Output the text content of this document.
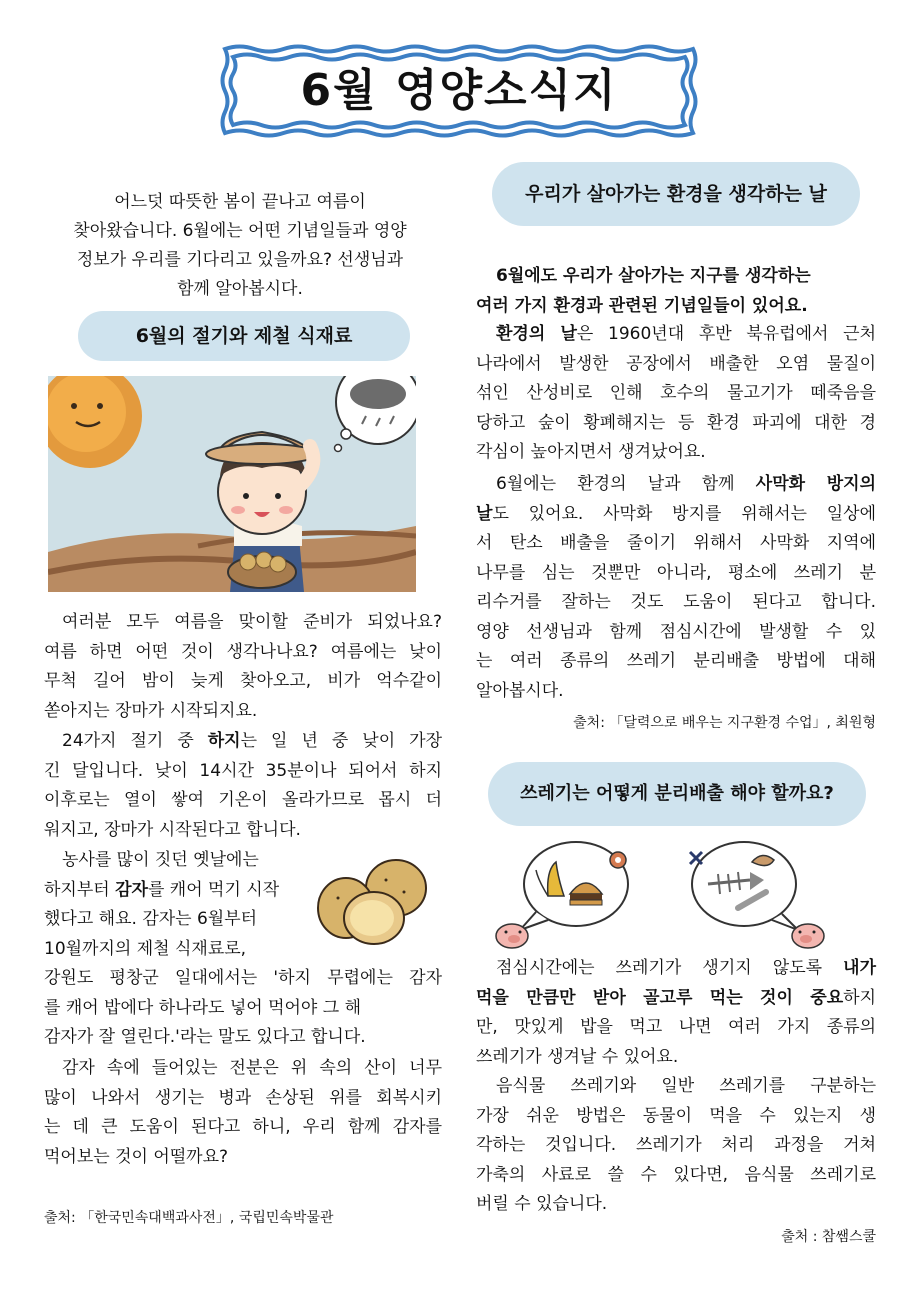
6월 영양소식지
어느덧 따뜻한 봄이 끝나고 여름이
찾아왔습니다. 6월에는 어떤 기념일들과 영양
정보가 우리를 기다리고 있을까요? 선생님과
함께 알아봅시다.
6월의 절기와 제철 식재료
여러분 모두 여름을 맞이할 준비가 되었나요?
여름 하면 어떤 것이 생각나나요? 여름에는 낮이
무척 길어 밤이 늦게 찾아오고, 비가 억수같이
쏟아지는 장마가 시작되지요.
24가지 절기 중 하지는 일 년 중 낮이 가장
긴 달입니다. 낮이 14시간 35분이나 되어서 하지
이후로는 열이 쌓여 기온이 올라가므로 몹시 더
워지고, 장마가 시작된다고 합니다.
농사를 많이 짓던 옛날에는
하지부터 감자를 캐어 먹기 시작
했다고 해요. 감자는 6월부터
10월까지의 제철 식재료로,
강원도 평창군 일대에서는 '하지 무렵에는 감자
를 캐어 밥에다 하나라도 넣어 먹어야 그 해
감자가 잘 열린다.'라는 말도 있다고 합니다.
감자 속에 들어있는 전분은 위 속의 산이 너무
많이 나와서 생기는 병과 손상된 위를 회복시키
는 데 큰 도움이 된다고 하니, 우리 함께 감자를
먹어보는 것이 어떨까요?
출처: 「한국민속대백과사전」, 국립민속박물관
우리가 살아가는 환경을 생각하는 날
6월에도 우리가 살아가는 지구를 생각하는
여러 가지 환경과 관련된 기념일들이 있어요.
환경의 날은 1960년대 후반 북유럽에서 근처
나라에서 발생한 공장에서 배출한 오염 물질이
섞인 산성비로 인해 호수의 물고기가 떼죽음을
당하고 숲이 황폐해지는 등 환경 파괴에 대한 경
각심이 높아지면서 생겨났어요.
6월에는 환경의 날과 함께 사막화 방지의
날도 있어요. 사막화 방지를 위해서는 일상에
서 탄소 배출을 줄이기 위해서 사막화 지역에
나무를 심는 것뿐만 아니라, 평소에 쓰레기 분
리수거를 잘하는 것도 도움이 된다고 합니다.
영양 선생님과 함께 점심시간에 발생할 수 있
는 여러 종류의 쓰레기 분리배출 방법에 대해
알아봅시다.
출처: 「달력으로 배우는 지구환경 수업」, 최원형
쓰레기는 어떻게 분리배출 해야 할까요?
점심시간에는 쓰레기가 생기지 않도록 내가
먹을 만큼만 받아 골고루 먹는 것이 중요하지
만, 맛있게 밥을 먹고 나면 여러 가지 종류의
쓰레기가 생겨날 수 있어요.
음식물 쓰레기와 일반 쓰레기를 구분하는
가장 쉬운 방법은 동물이 먹을 수 있는지 생
각하는 것입니다. 쓰레기가 처리 과정을 거쳐
가축의 사료로 쓸 수 있다면, 음식물 쓰레기로
버릴 수 있습니다.
출처 : 참쌤스쿨
